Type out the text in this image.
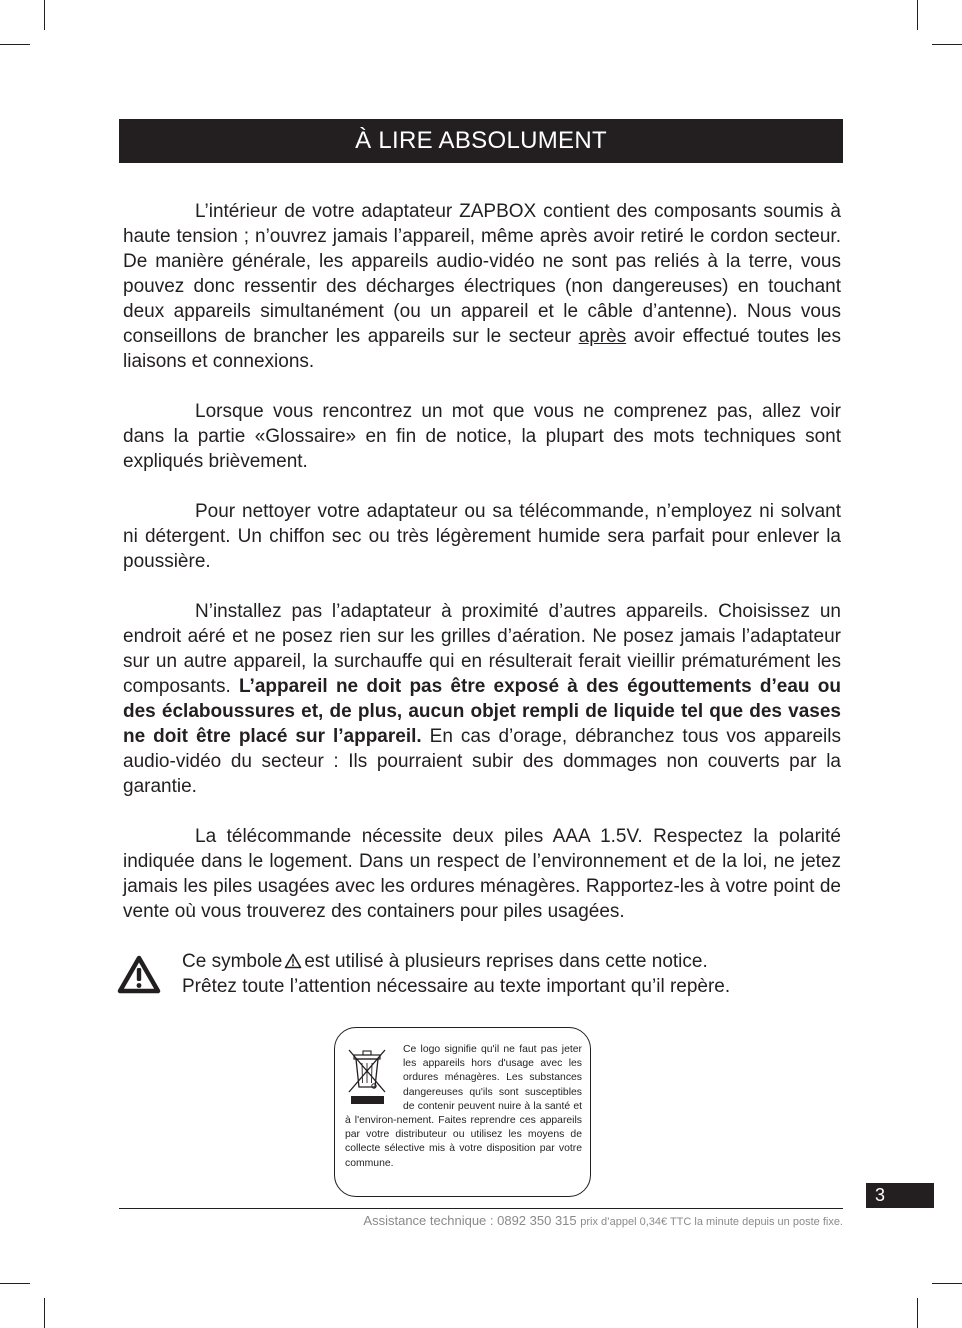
À LIRE ABSOLUMENT

L’intérieur de votre adaptateur ZAPBOX contient des composants soumis à haute tension ; n’ouvrez jamais l’appareil, même après avoir retiré le cordon secteur. De manière générale, les appareils audio-vidéo ne sont pas reliés à la terre, vous pouvez donc ressentir des décharges électriques (non dangereuses) en touchant deux appareils simultanément (ou un appareil et le câble d’antenne). Nous vous conseillons de brancher les appareils sur le secteur après avoir effectué toutes les liaisons et connexions.

Lorsque vous rencontrez un mot que vous ne comprenez pas, allez voir dans la partie «Glossaire» en fin de notice, la plupart des mots techniques sont expliqués brièvement.

Pour nettoyer votre adaptateur ou sa télécommande, n’employez ni solvant ni détergent. Un chiffon sec ou très légèrement humide sera parfait pour enlever la poussière.

N’installez pas l’adaptateur à proximité d’autres appareils. Choisissez un endroit aéré et ne posez rien sur les grilles d’aération. Ne posez jamais l’adaptateur sur un autre appareil, la surchauffe qui en résulterait ferait vieillir prématurément les composants. L’appareil ne doit pas être exposé à des égouttements d’eau ou des éclaboussures et, de plus, aucun objet rempli de liquide tel que des vases ne doit être placé sur l’appareil. En cas d’orage, débranchez tous vos appareils audio-vidéo du secteur : Ils pourraient subir des dommages non couverts par la garantie.

La télécommande nécessite deux piles AAA 1.5V. Respectez la polarité indiquée dans le logement. Dans un respect de l’environnement et de la loi, ne jetez jamais les piles usagées avec les ordures ménagères. Rapportez-les à votre point de vente où vous trouverez des containers pour piles usagées.

Ce symbole est utilisé à plusieurs reprises dans cette notice.
Prêtez toute l’attention nécessaire au texte important qu’il repère.

Ce logo signifie qu'il ne faut pas jeter les appareils hors d'usage avec les ordures ménagères. Les substances dangereuses qu'ils sont susceptibles de contenir peuvent nuire à la santé et à l'environ-nement. Faites reprendre ces appareils par votre distributeur ou utilisez les moyens de collecte sélective mis à votre disposition par votre commune.

3
Assistance technique : 0892 350 315 prix d’appel 0,34€ TTC la minute depuis un poste fixe.
